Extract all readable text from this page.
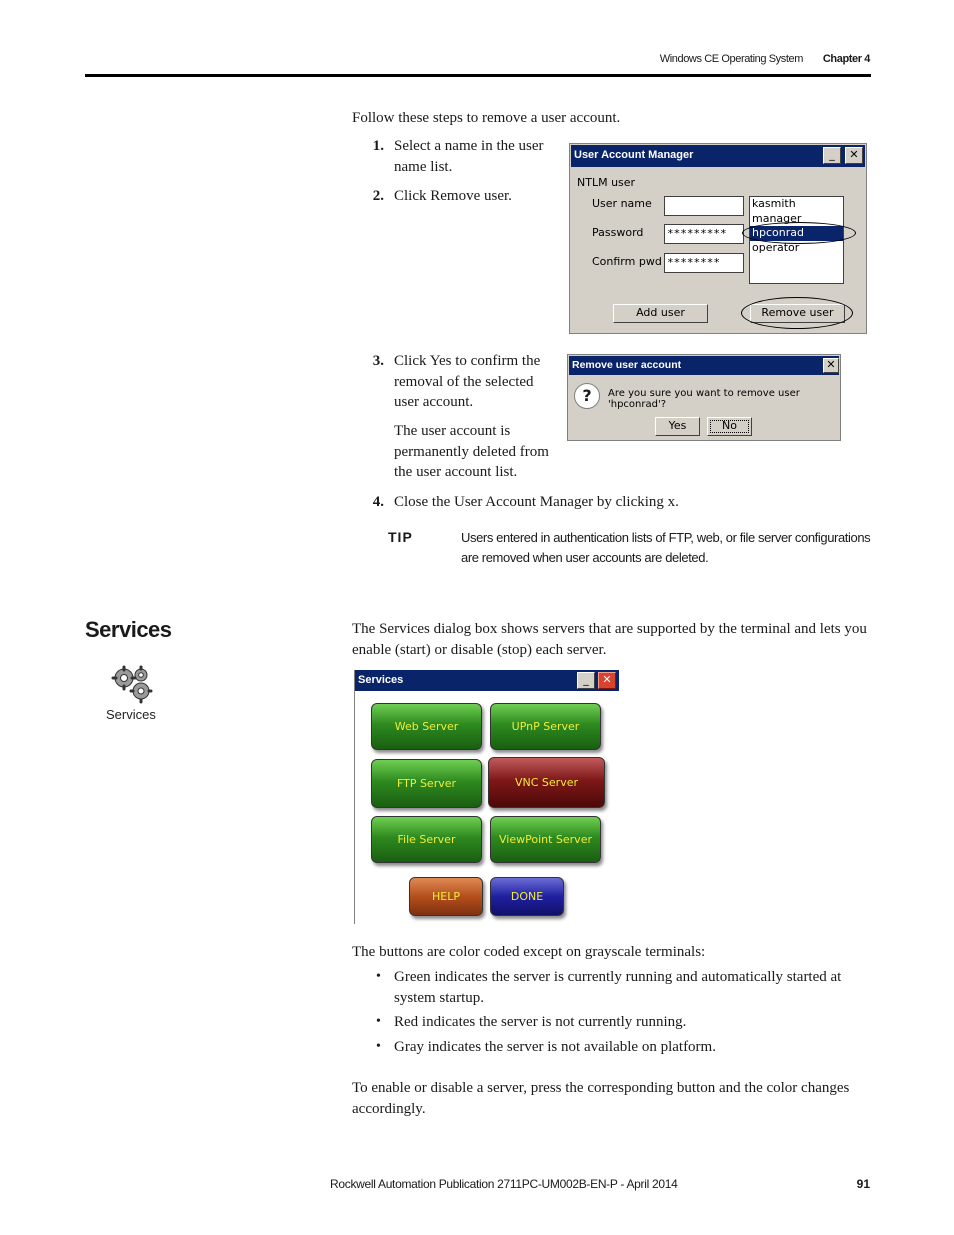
Windows CE Operating System Chapter 4
Follow these steps to remove a user account.
1. Select a name in the user name list.
2. Click Remove user.
User Account Manager	_	✕
NTLM user
User name
Password *********
Confirm pwd ********
kasmith
manager
hpconrad
operator
Add user	Remove user
3. Click Yes to confirm the removal of the selected user account.
The user account is permanently deleted from the user account list.
Remove user account	✕
?	Are you sure you want to remove user 'hpconrad'?
Yes	No
4. Close the User Account Manager by clicking x.
TIP	Users entered in authentication lists of FTP, web, or file server configurations are removed when user accounts are deleted.
Services
Services
The Services dialog box shows servers that are supported by the terminal and lets you enable (start) or disable (stop) each server.
Services	_	✕
Web Server	UPnP Server
FTP Server	VNC Server
File Server	ViewPoint Server
HELP	DONE
The buttons are color coded except on grayscale terminals:
• Green indicates the server is currently running and automatically started at system startup.
• Red indicates the server is not currently running.
• Gray indicates the server is not available on platform.
To enable or disable a server, press the corresponding button and the color changes accordingly.
Rockwell Automation Publication 2711PC-UM002B-EN-P - April 2014	91
